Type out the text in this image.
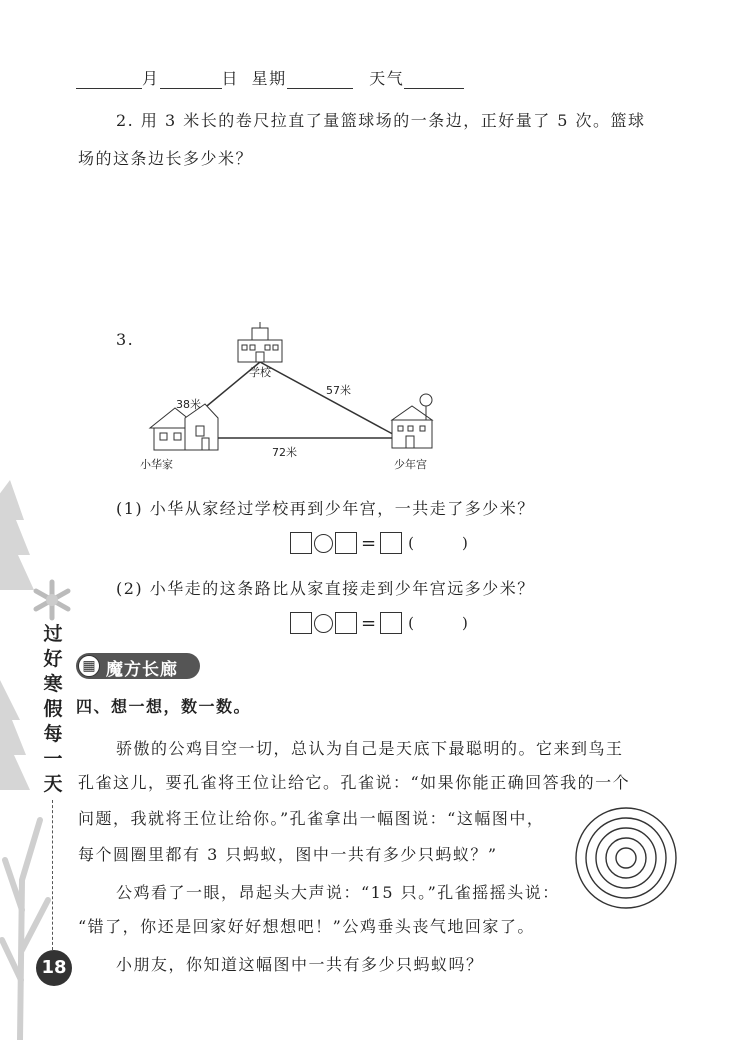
过
好
寒
假
每
一
天
18
月	日 星期	天气
2. 用 3 米长的卷尺拉直了量篮球场的一条边，正好量了 5 次。篮球
场的这条边长多少米？
3.
学校
38米
57米
72米
小华家	少年宫
(1) 小华从家经过学校再到少年宫，一共走了多少米？
= (	)
(2) 小华走的这条路比从家直接走到少年宫远多少米？
= (	)
▦ 魔方长廊
四、想一想，数一数。
骄傲的公鸡目空一切，总认为自己是天底下最聪明的。它来到鸟王
孔雀这儿，要孔雀将王位让给它。孔雀说：“如果你能正确回答我的一个
问题，我就将王位让给你。”孔雀拿出一幅图说：“这幅图中，
每个圆圈里都有 3 只蚂蚁，图中一共有多少只蚂蚁？”
公鸡看了一眼，昂起头大声说：“15 只。”孔雀摇摇头说：
“错了，你还是回家好好想想吧！”公鸡垂头丧气地回家了。
小朋友，你知道这幅图中一共有多少只蚂蚁吗？
